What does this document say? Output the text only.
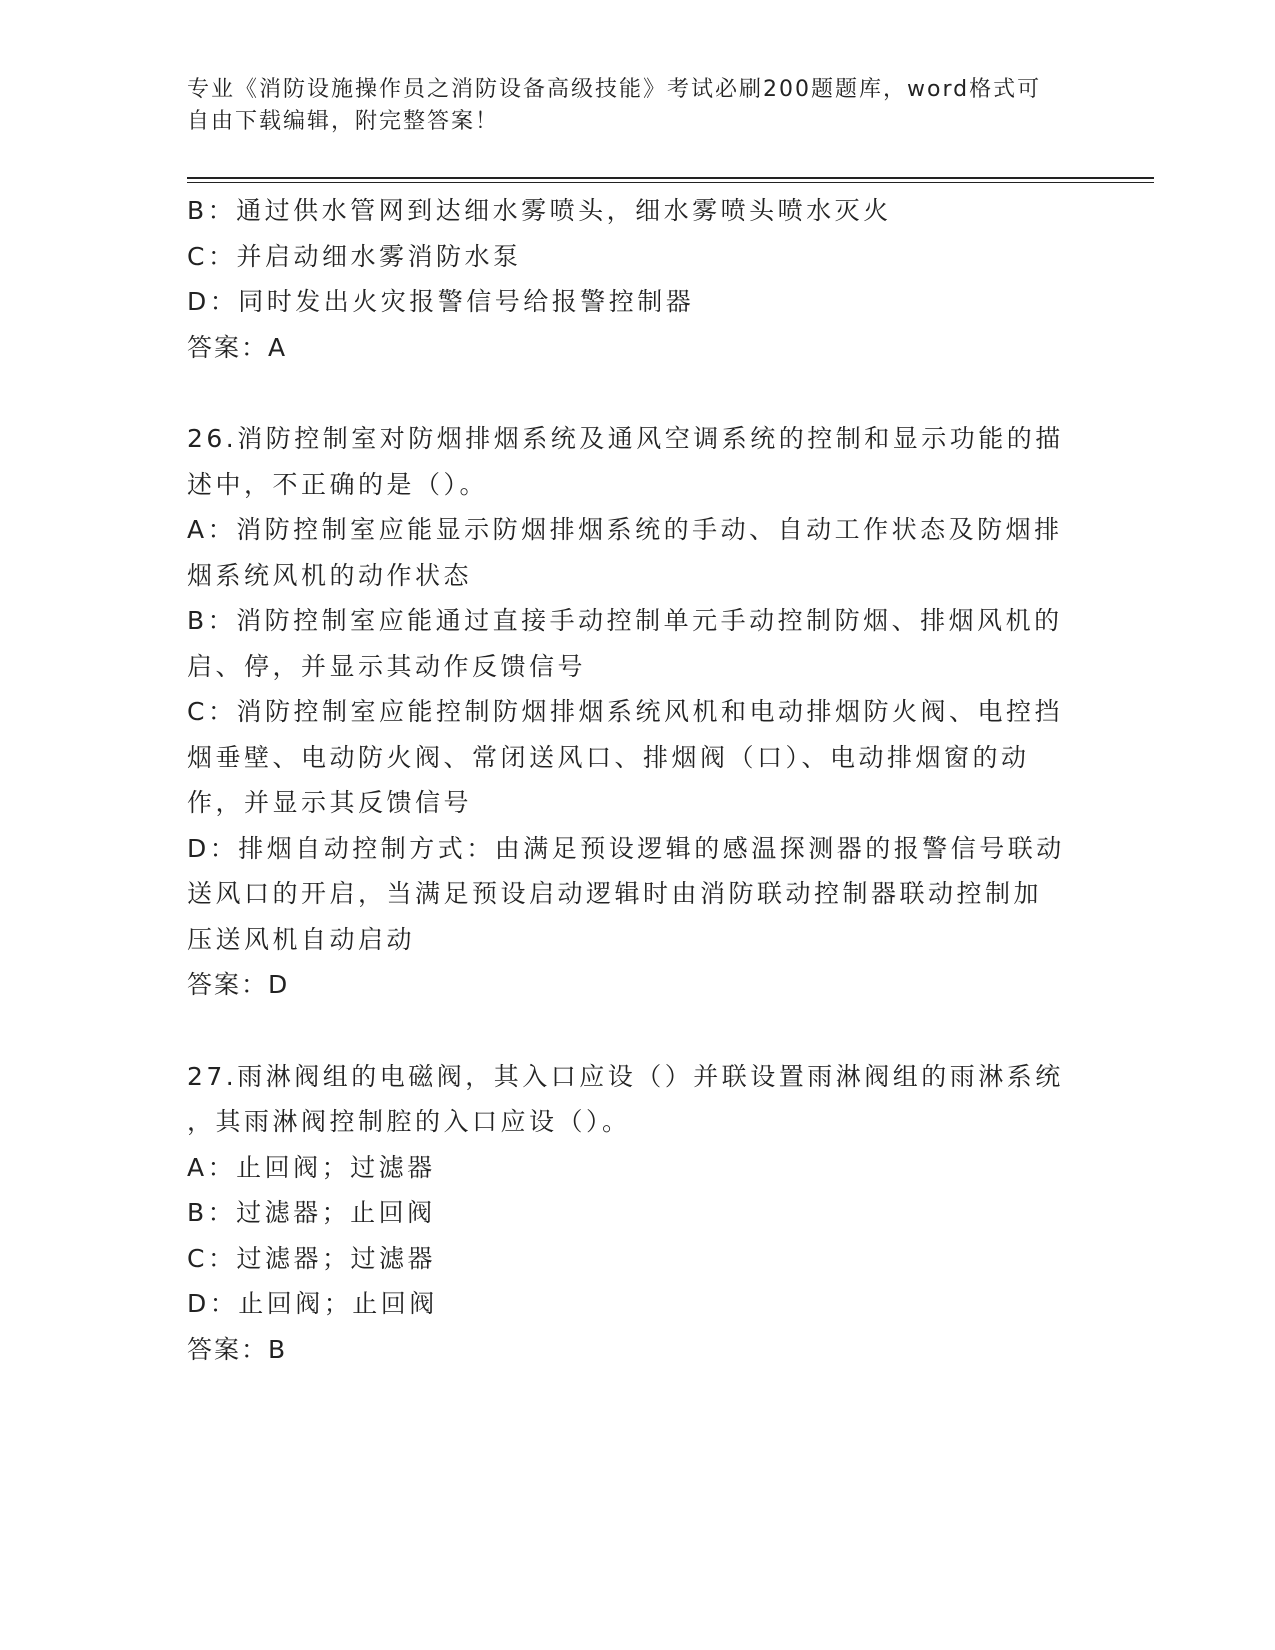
专业《消防设施操作员之消防设备高级技能》考试必刷200题题库，word格式可
自由下载编辑，附完整答案！
B：通过供水管网到达细水雾喷头，细水雾喷头喷水灭火
C：并启动细水雾消防水泵
D：同时发出火灾报警信号给报警控制器
答案：A
26.消防控制室对防烟排烟系统及通风空调系统的控制和显示功能的描
述中，不正确的是（）。
A：消防控制室应能显示防烟排烟系统的手动、自动工作状态及防烟排
烟系统风机的动作状态
B：消防控制室应能通过直接手动控制单元手动控制防烟、排烟风机的
启、停，并显示其动作反馈信号
C：消防控制室应能控制防烟排烟系统风机和电动排烟防火阀、电控挡
烟垂壁、电动防火阀、常闭送风口、排烟阀（口）、电动排烟窗的动
作，并显示其反馈信号
D：排烟自动控制方式：由满足预设逻辑的感温探测器的报警信号联动
送风口的开启，当满足预设启动逻辑时由消防联动控制器联动控制加
压送风机自动启动
答案：D
27.雨淋阀组的电磁阀，其入口应设（）并联设置雨淋阀组的雨淋系统
，其雨淋阀控制腔的入口应设（）。
A：止回阀；过滤器
B：过滤器；止回阀
C：过滤器；过滤器
D：止回阀；止回阀
答案：B
